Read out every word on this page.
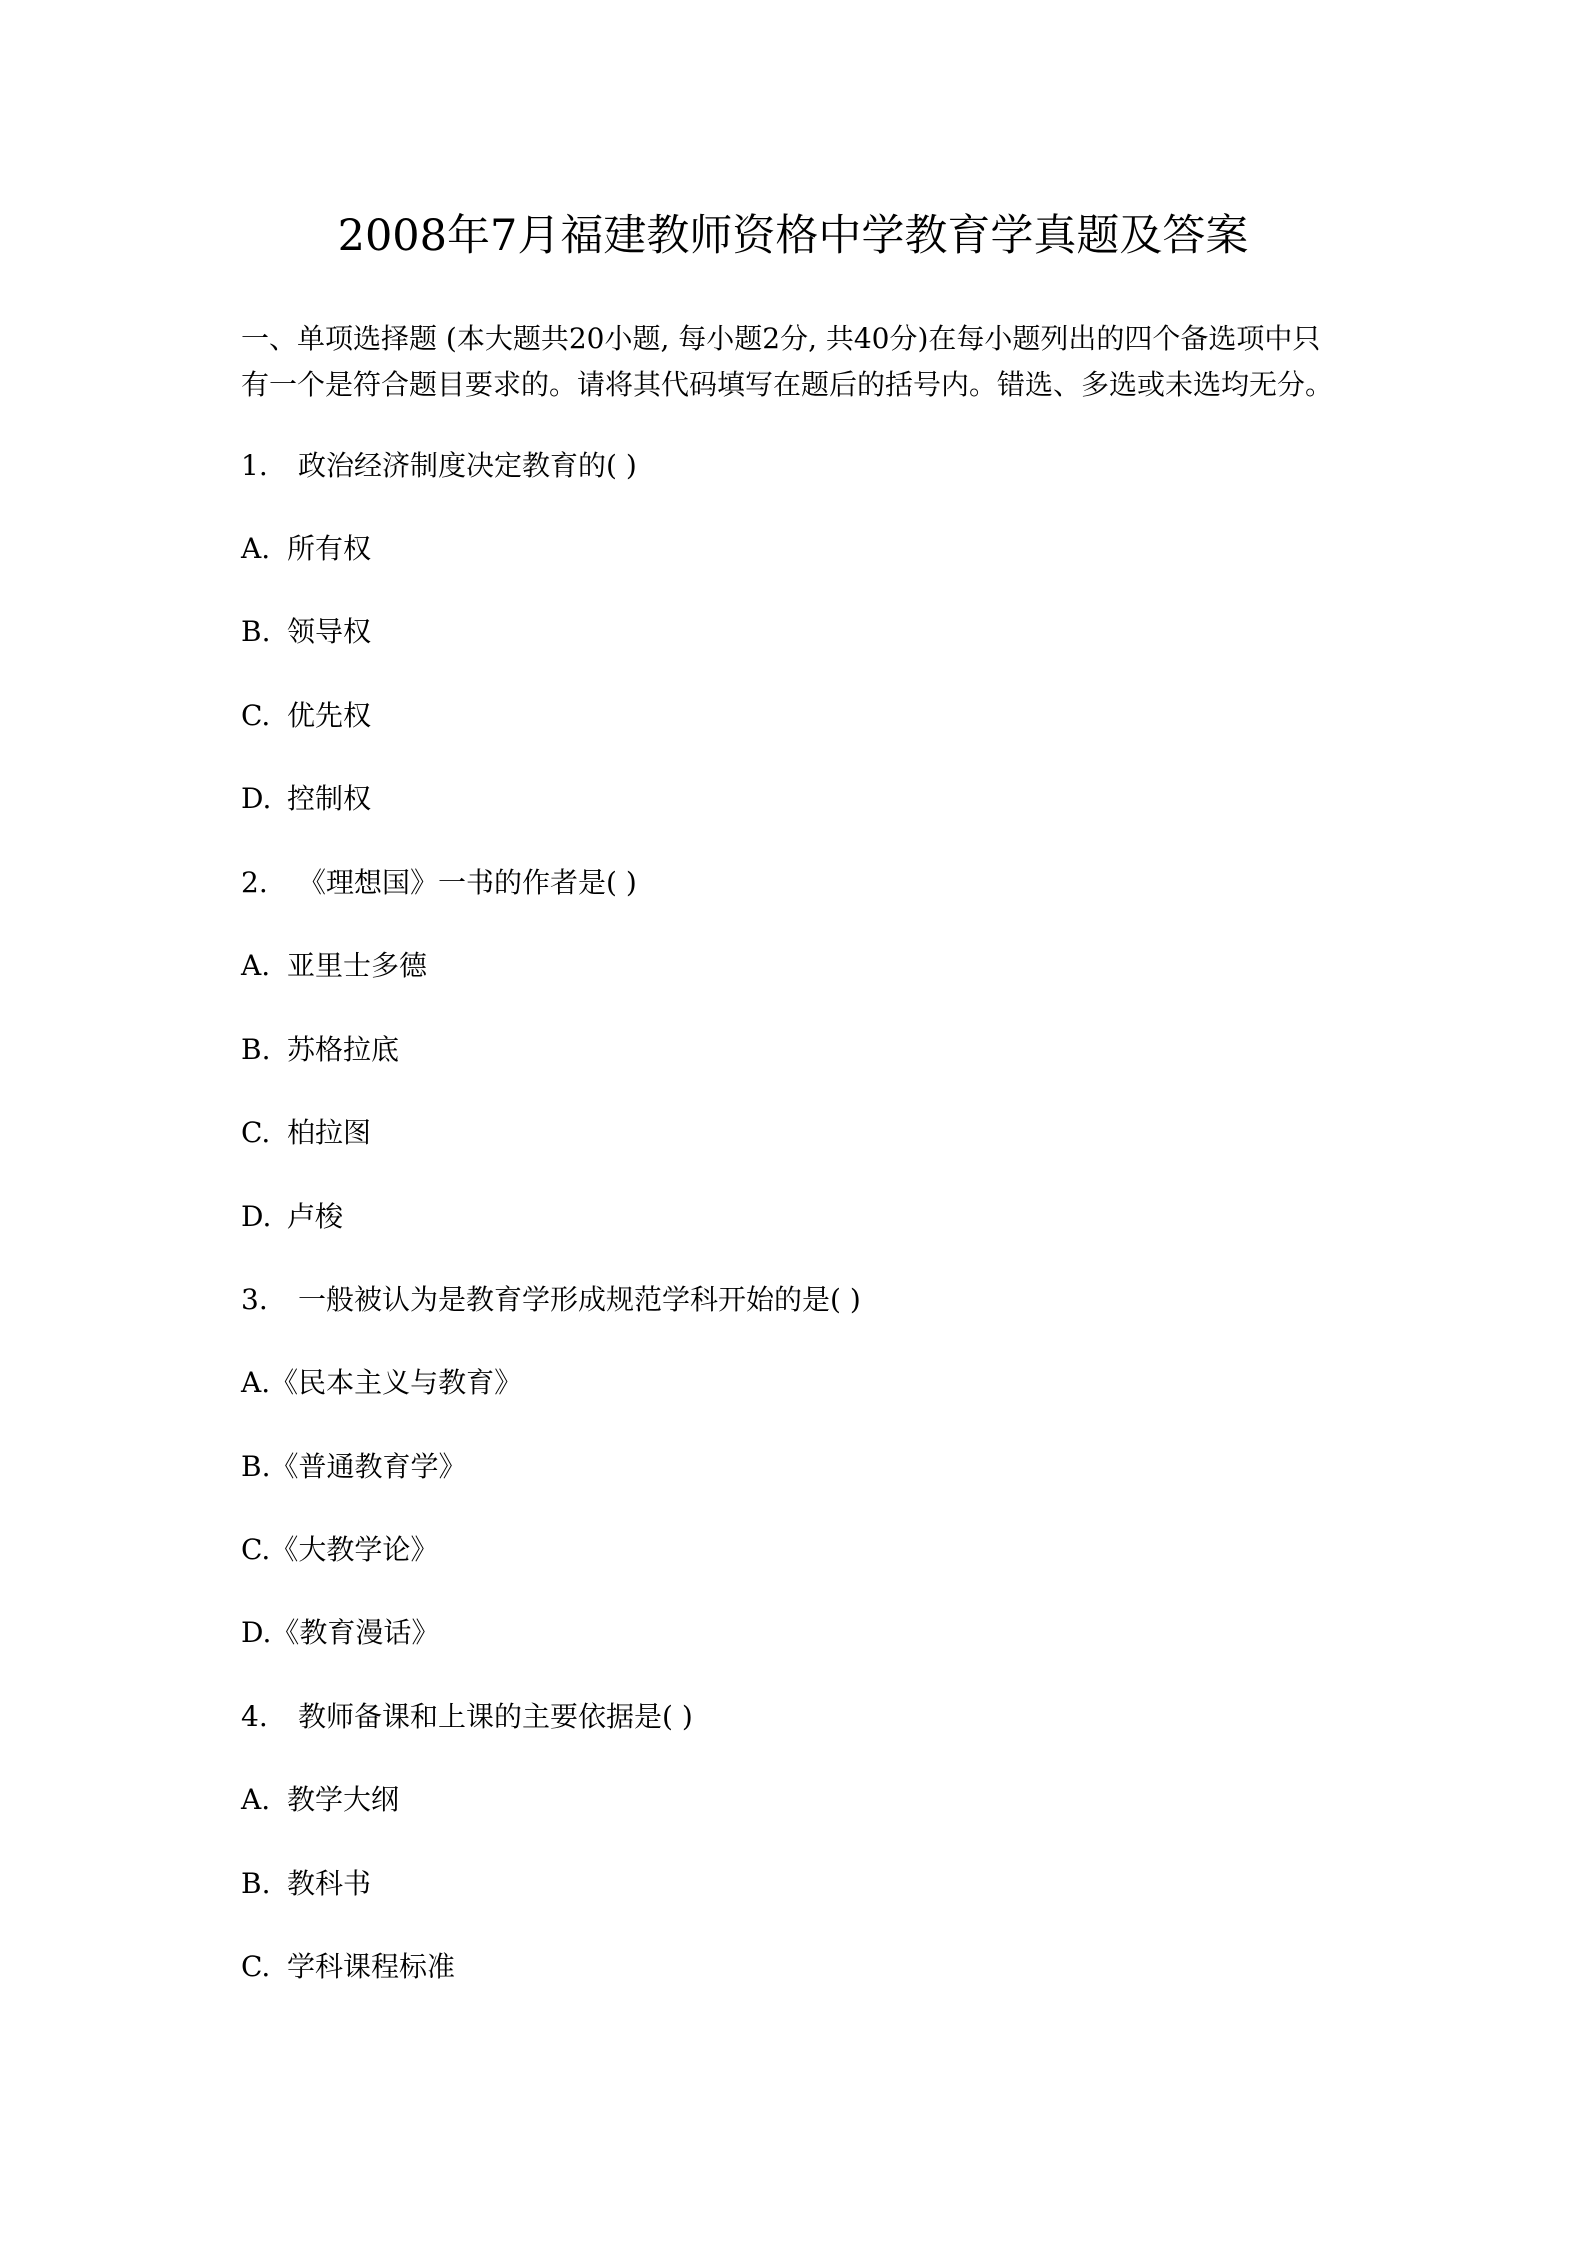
2008年7月福建教师资格中学教育学真题及答案
一、单项选择题 (本大题共20小题, 每小题2分, 共40分)在每小题列出的四个备选项中只
有一个是符合题目要求的。请将其代码填写在题后的括号内。错选、多选或未选均无分。
1. 政治经济制度决定教育的( )
A. 所有权
B. 领导权
C. 优先权
D. 控制权
2. 《理想国》一书的作者是( )
A. 亚里士多德
B. 苏格拉底
C. 柏拉图
D. 卢梭
3. 一般被认为是教育学形成规范学科开始的是( )
A.《民本主义与教育》
B.《普通教育学》
C.《大教学论》
D.《教育漫话》
4. 教师备课和上课的主要依据是( )
A. 教学大纲
B. 教科书
C. 学科课程标准
